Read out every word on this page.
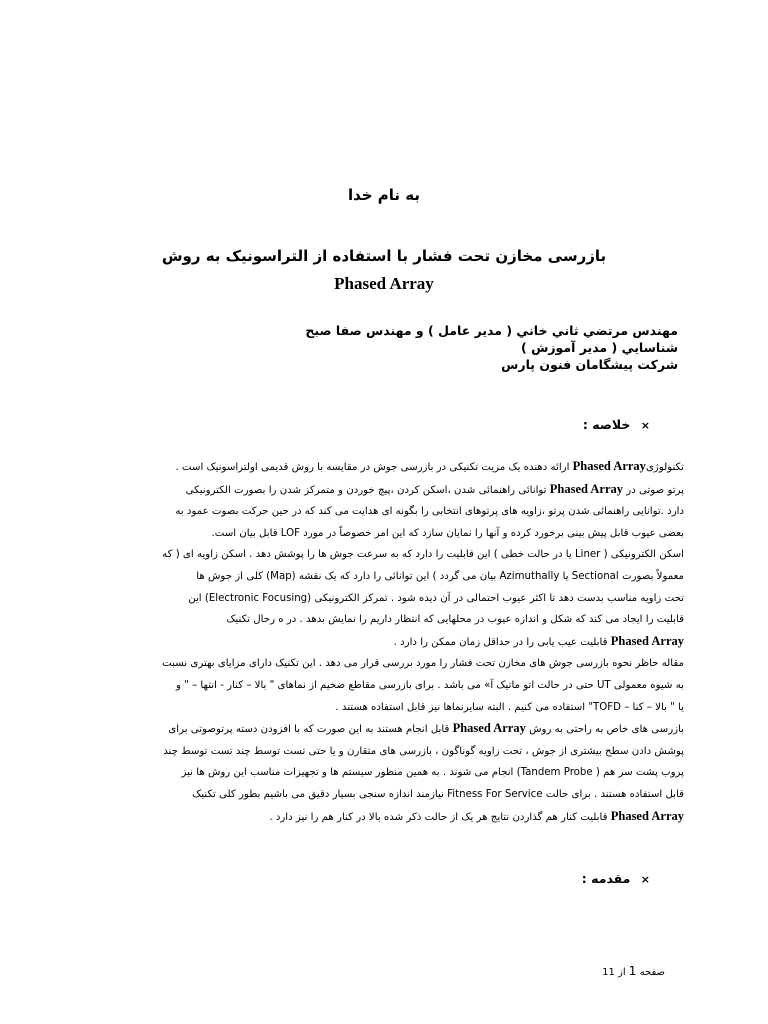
به نام خدا
بازرسی مخازن تحت فشار با استفاده از التراسونیک به روش
Phased Array
مهندس مرتضي ثاني خاني ( مدير عامل ) و مهندس صفا صبح
شناسايي ( مدير آموزش )
شركت پيشگامان فنون پارس
× خلاصه :

تکنولوژیPhased Array ارائه دهنده یک مزیت تکنیکی در بازرسی جوش در مقایسه با روش قدیمی اولتراسونیک است .

پرتو صوتی در Phased Array توانائی راهنمائی شدن ،اسکن کردن ،پیچ خوردن و متمرکز شدن را بصورت الکترونیکی

دارد .توانایی راهنمائی شدن پرتو ،زاویه های پرتوهای انتخابی را بگونه ای هدایت می کند که در حین حرکت بصوت عمود به

بعضی عیوب قابل پیش بینی برخورد کرده و آنها را نمایان سازد که این امر خصوصاً در مورد LOF قابل بیان است.

اسکن الکترونیکی ( Liner یا در حالت خطی ) این قابلیت را دارد که به سرعت جوش ها را پوشش دهد . اسکن زاویه ای ( که

معمولاً بصورت Sectional یا Azimuthally بیان می گردد ) این توانائی را دارد که یک نقشه (Map) کلی از جوش ها

تحت زاویه مناسب بدست دهد تا اکثر عیوب احتمالی در آن دیده شود . تمرکز الکترونیکی (Electronic Focusing) این

قابلیت را ایجاد می کند که شکل و اندازه عیوب در محلهایی که انتظار داریم را نمایش بدهد . در ه رحال تکنیک

Phased Array قابلیت عیب یابی را در حداقل زمان ممکن را دارد .

مقاله حاظر نحوه بازرسی جوش های مخازن تحت فشار را مورد بررسی قرار می دهد . این تکنیک دارای مزایای بهتری نسبت

به شیوه معمولی UT حتی در حالت اتو ماتیک آ» می باشد . برای بازرسی مقاطع ضخیم از نماهای " بالا – کنار - انتها – " و

یا " بالا – کنا – TOFD" استفاده می کنیم . البته سایرنماها نیز قابل استفاده هستند .

بازرسی های خاص به راحتی به روش Phased Array قابل انجام هستند به این صورت که با افزودن دسته پرتوصوتی برای

پوشش دادن سطح بیشتری از جوش ، تحت زاویه گوناگون ، بازرسی های متقارن و یا حتی تست توسط چند تست توسط چند

پروب پشت سر هم ( Tandem Probe) انجام می شوند . به همین منظور سیستم ها و تجهیزات مناسب این روش ها نیز

قابل استفاده هستند . برای حالت Fitness For Service نیازمند اندازه سنجی بسیار دقیق می باشیم بطور کلی تکنیک

Phased Array قابلیت کنار هم گذاردن نتایج هر یک از حالت ذکر شده بالا در کنار هم را نیز دارد .

× مقدمه :
صفحه 1 از 11
